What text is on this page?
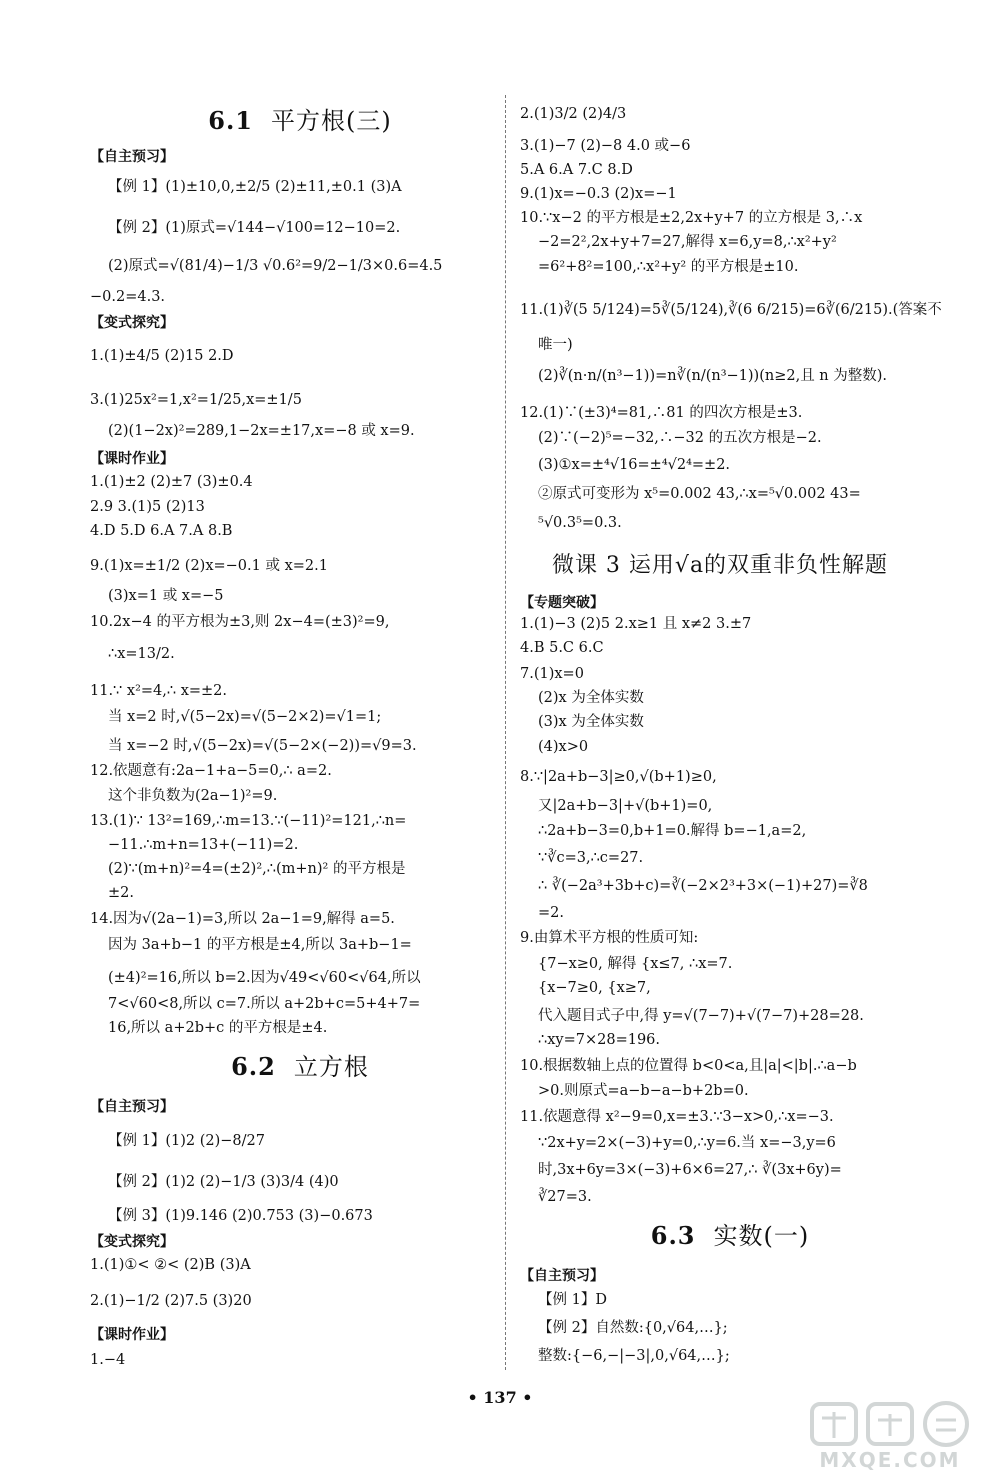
6.1 平方根(三)
【自主预习】
【例 1】(1)±10,0,±2/5 (2)±11,±0.1 (3)A
【例 2】(1)原式=√144−√100=12−10=2.
(2)原式=√(81/4)−1/3 √0.6²=9/2−1/3×0.6=4.5
−0.2=4.3.
【变式探究】
1.(1)±4/5 (2)15 2.D
3.(1)25x²=1,x²=1/25,x=±1/5
(2)(1−2x)²=289,1−2x=±17,x=−8 或 x=9.
【课时作业】
1.(1)±2 (2)±7 (3)±0.4
2.9 3.(1)5 (2)13
4.D 5.D 6.A 7.A 8.B
9.(1)x=±1/2 (2)x=−0.1 或 x=2.1
(3)x=1 或 x=−5
10.2x−4 的平方根为±3,则 2x−4=(±3)²=9,
∴x=13/2.
11.∵ x²=4,∴ x=±2.
当 x=2 时,√(5−2x)=√(5−2×2)=√1=1;
当 x=−2 时,√(5−2x)=√(5−2×(−2))=√9=3.
12.依题意有:2a−1+a−5=0,∴ a=2.
这个非负数为(2a−1)²=9.
13.(1)∵ 13²=169,∴m=13.∵(−11)²=121,∴n=
−11.∴m+n=13+(−11)=2.
(2)∵(m+n)²=4=(±2)²,∴(m+n)² 的平方根是
±2.
14.因为√(2a−1)=3,所以 2a−1=9,解得 a=5.
因为 3a+b−1 的平方根是±4,所以 3a+b−1=
(±4)²=16,所以 b=2.因为√49<√60<√64,所以
7<√60<8,所以 c=7.所以 a+2b+c=5+4+7=
16,所以 a+2b+c 的平方根是±4.
6.2 立方根
【自主预习】
【例 1】(1)2 (2)−8/27
【例 2】(1)2 (2)−1/3 (3)3/4 (4)0
【例 3】(1)9.146 (2)0.753 (3)−0.673
【变式探究】
1.(1)①< ②< (2)B (3)A
2.(1)−1/2 (2)7.5 (3)20
【课时作业】
1.−4
2.(1)3/2 (2)4/3
3.(1)−7 (2)−8 4.0 或−6
5.A 6.A 7.C 8.D
9.(1)x=−0.3 (2)x=−1
10.∵x−2 的平方根是±2,2x+y+7 的立方根是 3,∴x
−2=2²,2x+y+7=27,解得 x=6,y=8,∴x²+y²
=6²+8²=100,∴x²+y² 的平方根是±10.
11.(1)∛(5 5/124)=5∛(5/124),∛(6 6/215)=6∛(6/215).(答案不
唯一)
(2)∛(n·n/(n³−1))=n∛(n/(n³−1))(n≥2,且 n 为整数).
12.(1)∵(±3)⁴=81,∴81 的四次方根是±3.
(2)∵(−2)⁵=−32,∴−32 的五次方根是−2.
(3)①x=±⁴√16=±⁴√2⁴=±2.
②原式可变形为 x⁵=0.002 43,∴x=⁵√0.002 43=
⁵√0.3⁵=0.3.
微课 3 运用√a的双重非负性解题
【专题突破】
1.(1)−3 (2)5 2.x≥1 且 x≠2 3.±7
4.B 5.C 6.C
7.(1)x=0
(2)x 为全体实数
(3)x 为全体实数
(4)x>0
8.∵|2a+b−3|≥0,√(b+1)≥0,
又|2a+b−3|+√(b+1)=0,
∴2a+b−3=0,b+1=0.解得 b=−1,a=2,
∵∛c=3,∴c=27.
∴ ∛(−2a³+3b+c)=∛(−2×2³+3×(−1)+27)=∛8
=2.
9.由算术平方根的性质可知:
{7−x≥0, 解得 {x≤7, ∴x=7.
{x−7≥0, {x≥7,
代入题目式子中,得 y=√(7−7)+√(7−7)+28=28.
∴xy=7×28=196.
10.根据数轴上点的位置得 b<0<a,且|a|<|b|.∴a−b
>0.则原式=a−b−a−b+2b=0.
11.依题意得 x²−9=0,x=±3.∵3−x>0,∴x=−3.
∵2x+y=2×(−3)+y=0,∴y=6.当 x=−3,y=6
时,3x+6y=3×(−3)+6×6=27,∴ ∛(3x+6y)=
∛27=3.
6.3 实数(一)
【自主预习】
【例 1】D
【例 2】自然数:{0,√64,…};
整数:{−6,−|−3|,0,√64,…};
• 137 •
MXQE.COM
